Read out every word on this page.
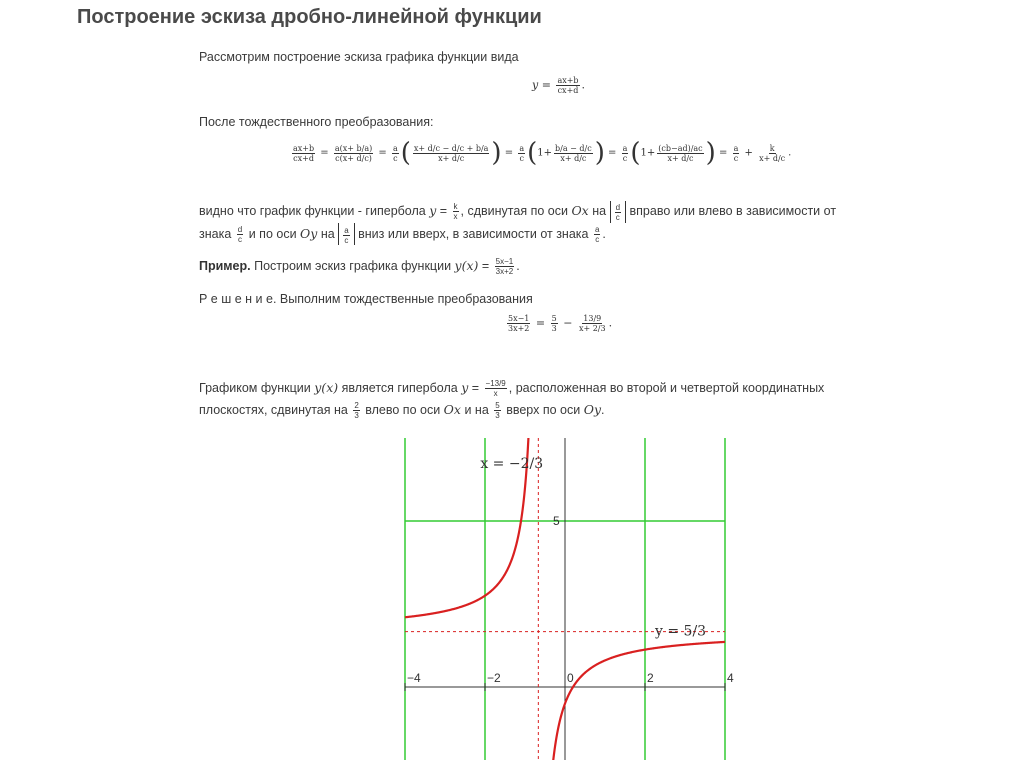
Построение эскиза дробно-линейной функции
Рассмотрим построение эскиза графика функции вида
$y = \frac{ax+b}{cx+d}$ .
После тождественного преобразования:
$\frac{ax+b}{cx+d} = \frac{a(x+ b/a)}{c(x+ d/c)} = \frac{a}{c}$ ( $\frac{x+ d/c - d/c + b/a}{x+ d/c}$ ) = $\frac{a}{c} (1+ \frac{b/a - d/c}{x+ d/c}$ ) = $\frac{a}{c} (1+ \frac{(cb-ad)/ac}{x+ d/c}$ ) = $\frac{a}{c} + \frac{k}{x+ d/c}$ .
видно что график функции - гипербола $y = \frac{k}{x}$ , сдвинутая по оси Ox на $\frac{d}{c}$ вправо или влево в зависимости от знака $\frac{d}{c}$ и по оси Oy на $\frac{a}{c}$ вниз или вверх, в зависимости от знака $\frac{a}{c}$ .
Пример. Построим эскиз графика функции $y(x) = \frac{5x-1}{3x+2}$ .
Р е ш е н и е. Выполним тождественные преобразования
$\frac{5x-1}{3x+2} = \frac{5}{3} - \frac{13/9}{x+ 2/3}$ .
Графиком функции y(x) является гипербола $y = \frac{-13/9}{x}$ , расположенная во второй и четвертой координатных плоскостях, сдвинутая на $\frac{2}{3}$ влево по оси Ox и на $\frac{5}{3}$ вверх по оси Oy.
−4	−2	0	2	4
5
x = −2/3
y = 5/3
